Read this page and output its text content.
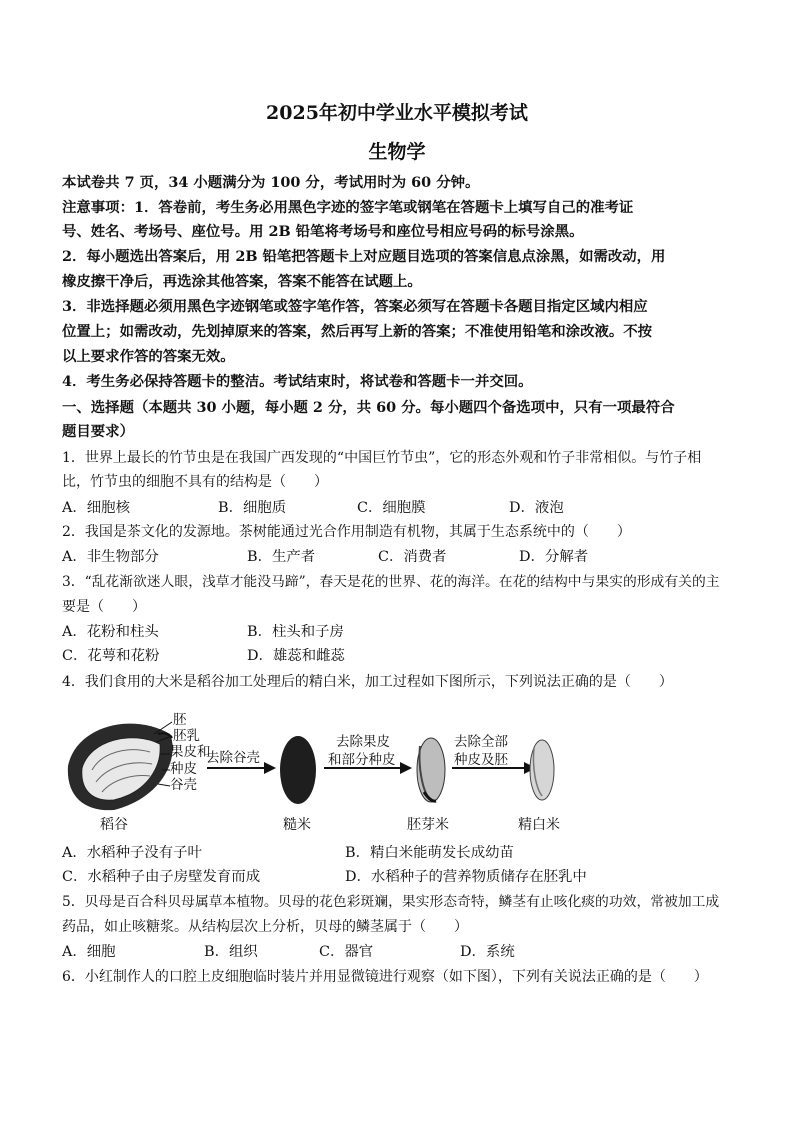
2025年初中学业水平模拟考试
生物学
本试卷共 7 页，34 小题满分为 100 分，考试用时为 60 分钟。
注意事项：1．答卷前，考生务必用黑色字迹的签字笔或钢笔在答题卡上填写自己的准考证
号、姓名、考场号、座位号。用 2B 铅笔将考场号和座位号相应号码的标号涂黑。
2．每小题选出答案后，用 2B 铅笔把答题卡上对应题目选项的答案信息点涂黑，如需改动，用
橡皮擦干净后，再选涂其他答案，答案不能答在试题上。
3．非选择题必须用黑色字迹钢笔或签字笔作答，答案必须写在答题卡各题目指定区域内相应
位置上；如需改动，先划掉原来的答案，然后再写上新的答案；不准使用铅笔和涂改液。不按
以上要求作答的答案无效。
4．考生务必保持答题卡的整洁。考试结束时，将试卷和答题卡一并交回。
一、选择题（本题共 30 小题，每小题 2 分，共 60 分。每小题四个备选项中，只有一项最符合
题目要求）
1．世界上最长的竹节虫是在我国广西发现的“中国巨竹节虫”，它的形态外观和竹子非常相似。与竹子相
比，竹节虫的细胞不具有的结构是（　　）
A．细胞核	B．细胞质	C．细胞膜	D．液泡
2．我国是茶文化的发源地。茶树能通过光合作用制造有机物，其属于生态系统中的（　　）
A．非生物部分	B．生产者	C．消费者	D．分解者
3．“乱花渐欲迷人眼，浅草才能没马蹄”，春天是花的世界、花的海洋。在花的结构中与果实的形成有关的主
要是（　　）
A．花粉和柱头	B．柱头和子房
C．花萼和花粉	D．雄蕊和雌蕊
4．我们食用的大米是稻谷加工处理后的精白米，加工过程如下图所示，下列说法正确的是（　　）
胚
胚乳
果皮和
种皮
谷壳
去除谷壳
去除果皮
和部分种皮
去除全部
种皮及胚
稻谷	糙米	胚芽米	精白米
A．水稻种子没有子叶	B．精白米能萌发长成幼苗
C．水稻种子由子房壁发育而成	D．水稻种子的营养物质储存在胚乳中
5．贝母是百合科贝母属草本植物。贝母的花色彩斑斓，果实形态奇特，鳞茎有止咳化痰的功效，常被加工成
药品，如止咳糖浆。从结构层次上分析，贝母的鳞茎属于（　　）
A．细胞	B．组织	C．器官	D．系统
6．小红制作人的口腔上皮细胞临时装片并用显微镜进行观察（如下图），下列有关说法正确的是（　　）
